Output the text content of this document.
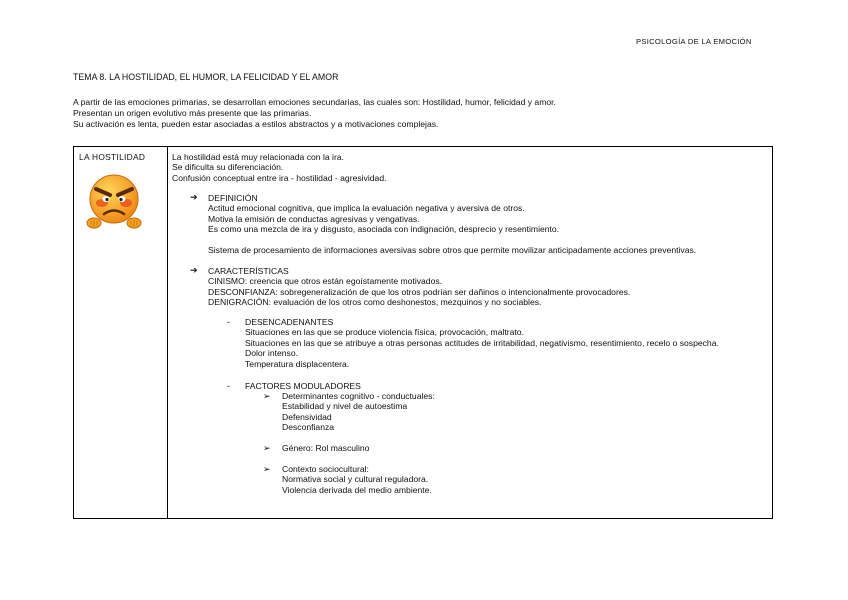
PSICOLOGÍA DE LA EMOCIÓN
TEMA 8. LA HOSTILIDAD, EL HUMOR, LA FELICIDAD Y EL AMOR
A partir de las emociones primarias, se desarrollan emociones secundarias, las cuales son: Hostilidad, humor, felicidad y amor.
Presentan un origen evolutivo más presente que las primarias.
Su activación es lenta, pueden estar asociadas a estilos abstractos y a motivaciones complejas.
LA HOSTILIDAD	La hostilidad está muy relacionada con la ira.
Se dificulta su diferenciación.
Confusión conceptual entre ira - hostilidad - agresividad.
➔ DEFINICIÓN
Actitud emocional cognitiva, que implica la evaluación negativa y aversiva de otros.
Motiva la emisión de conductas agresivas y vengativas.
Es como una mezcla de ira y disgusto, asociada con indignación, desprecio y resentimiento.
Sistema de procesamiento de informaciones aversivas sobre otros que permite movilizar anticipadamente acciones preventivas.
➔ CARACTERÍSTICAS
CINISMO: creencia que otros están egoístamente motivados.
DESCONFIANZA: sobregeneralización de que los otros podrían ser dañinos o intencionalmente provocadores.
DENIGRACIÓN: evaluación de los otros como deshonestos, mezquinos y no sociables.
- DESENCADENANTES
Situaciones en las que se produce violencia física, provocación, maltrato.
Situaciones en las que se atribuye a otras personas actitudes de irritabilidad, negativismo, resentimiento, recelo o sospecha.
Dolor intenso.
Temperatura displacentera.
- FACTORES MODULADORES
➢ Determinantes cognitivo - conductuales:
Estabilidad y nivel de autoestima
Defensividad
Desconfianza
➢ Género: Rol masculino
➢ Contexto sociocultural:
Normativa social y cultural reguladora.
Violencia derivada del medio ambiente.
